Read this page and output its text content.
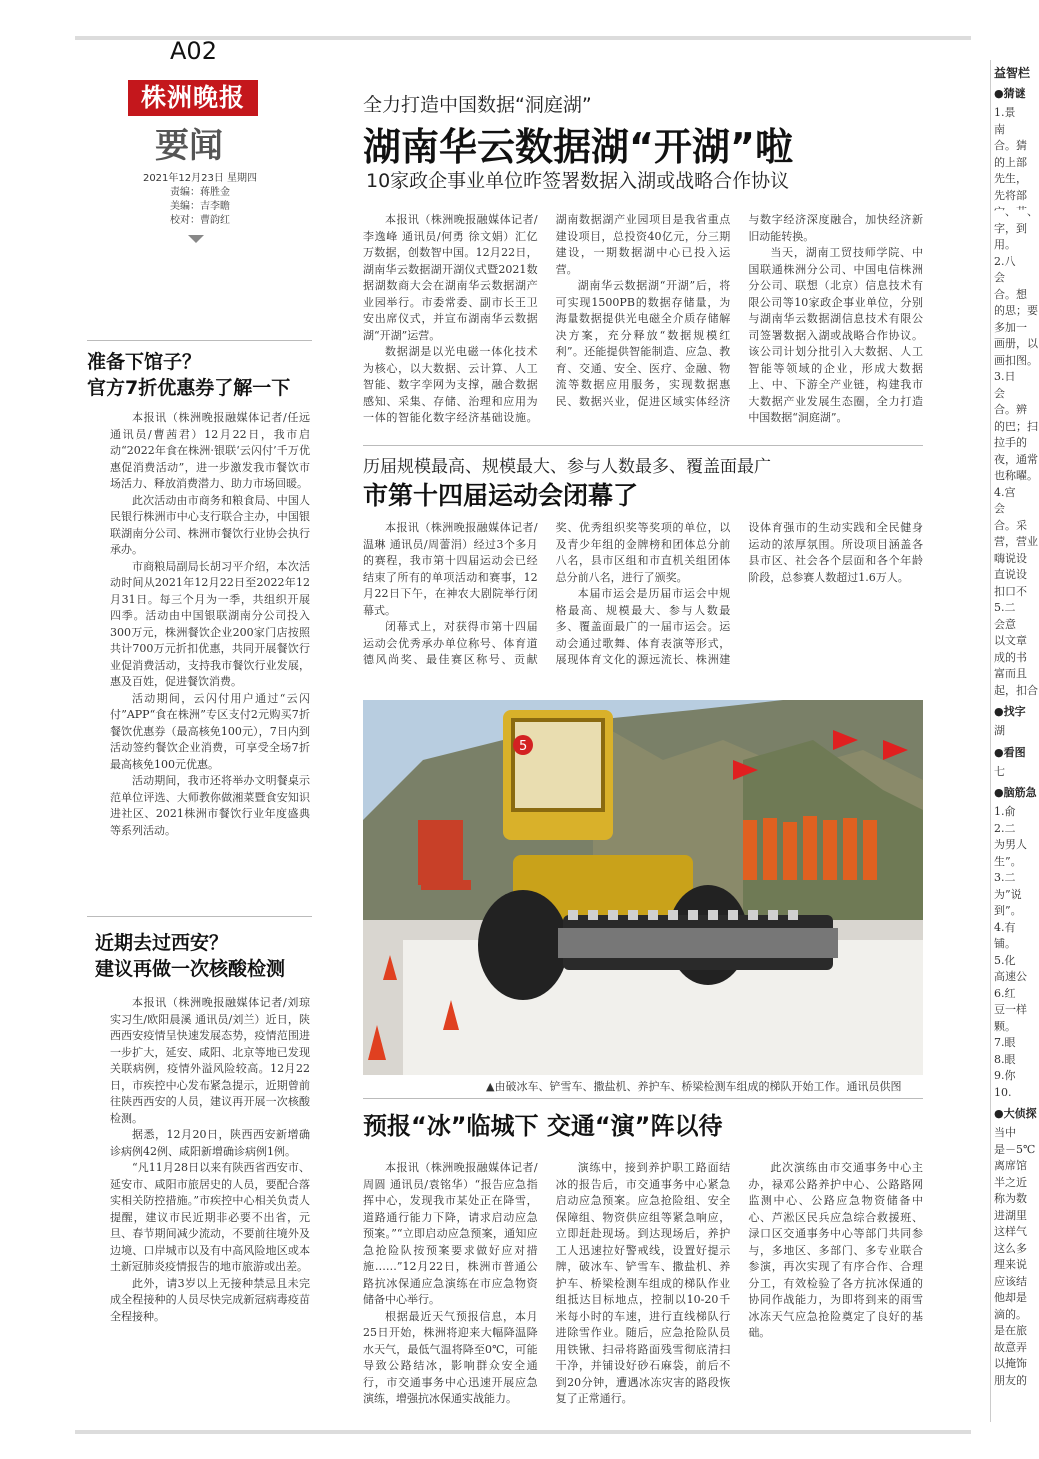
A02
株洲晚报
要闻
2021年12月23日 星期四
责编：蒋胜金
美编：吉李瞻
校对：曹韵红
准备下馆子？
官方7折优惠券了解一下

本报讯（株洲晚报融媒体记者/任远 通讯员/曹茜君）12月22日，我市启动“2022年食在株洲·银联‘云闪付’千万优惠促消费活动”，进一步激发我市餐饮市场活力、释放消费潜力、助力市场回暖。

此次活动由市商务和粮食局、中国人民银行株洲市中心支行联合主办，中国银联湖南分公司、株洲市餐饮行业协会执行承办。

市商粮局副局长胡习平介绍，本次活动时间从2021年12月22日至2022年12月31日。每三个月为一季，共组织开展四季。活动由中国银联湖南分公司投入300万元，株洲餐饮企业200家门店按照共计700万元折扣优惠，共同开展餐饮行业促消费活动，支持我市餐饮行业发展，惠及百姓，促进餐饮消费。

活动期间，云闪付用户通过“云闪付”APP“食在株洲”专区支付2元购买7折餐饮优惠券（最高核免100元），7日内到活动签约餐饮企业消费，可享受全场7折最高核免100元优惠。

活动期间，我市还将举办文明餐桌示范单位评选、大师教你做湘菜暨食安知识进社区、2021株洲市餐饮行业年度盛典等系列活动。

近期去过西安？
建议再做一次核酸检测

本报讯（株洲晚报融媒体记者/刘琼 实习生/欧阳晨溪 通讯员/刘兰）近日，陕西西安疫情呈快速发展态势，疫情范围进一步扩大，延安、咸阳、北京等地已发现关联病例，疫情外溢风险较高。12月22日，市疾控中心发布紧急提示，近期曾前往陕西西安的人员，建议再开展一次核酸检测。

据悉，12月20日，陕西西安新增确诊病例42例、咸阳新增确诊病例1例。

“凡11月28日以来有陕西省西安市、延安市、咸阳市旅居史的人员，要配合落实相关防控措施。”市疾控中心相关负责人提醒，建议市民近期非必要不出省，元旦、春节期间减少流动，不要前往境外及边境、口岸城市以及有中高风险地区或本土新冠肺炎疫情报告的地市旅游或出差。

此外，请3岁以上无接种禁忌且未完成全程接种的人员尽快完成新冠病毒疫苗全程接种。

全力打造中国数据“洞庭湖”
湖南华云数据湖“开湖”啦
10家政企事业单位昨签署数据入湖或战略合作协议

本报讯（株洲晚报融媒体记者/李逸峰 通讯员/何勇 徐文娟）汇亿万数据，创数智中国。12月22日，湖南华云数据湖开湖仪式暨2021数据湖数商大会在湖南华云数据湖产业园举行。市委常委、副市长王卫安出席仪式，并宣布湖南华云数据湖“开湖”运营。

数据湖是以光电磁一体化技术为核心，以大数据、云计算、人工智能、数字孪网为支撑，融合数据感知、采集、存储、治理和应用为一体的智能化数字经济基础设施。湖南数据湖产业园项目是我省重点建设项目，总投资40亿元，分三期建设，一期数据湖中心已投入运营。

湖南华云数据湖“开湖”后，将可实现1500PB的数据存储量，为海量数据提供光电磁全介质存储解决方案，充分释放“数据规模红利”。还能提供智能制造、应急、教育、交通、安全、医疗、金融、物流等数据应用服务，实现数据惠民、数据兴业，促进区域实体经济与数字经济深度融合，加快经济新旧动能转换。

当天，湖南工贸技师学院、中国联通株洲分公司、中国电信株洲分公司、联想（北京）信息技术有限公司等10家政企事业单位，分别与湖南华云数据湖信息技术有限公司签署数据入湖或战略合作协议。该公司计划分批引入大数据、人工智能等领域的企业，形成大数据上、中、下游全产业链，构建我市大数据产业发展生态圈，全力打造中国数据“洞庭湖”。

历届规模最高、规模最大、参与人数最多、覆盖面最广
市第十四届运动会闭幕了

本报讯（株洲晚报融媒体记者/温琳 通讯员/周蕾涓）经过3个多月的赛程，我市第十四届运动会已经结束了所有的单项活动和赛事，12月22日下午，在神农大剧院举行闭幕式。

闭幕式上，对获得市第十四届运动会优秀承办单位称号、体育道德风尚奖、最佳赛区称号、贡献奖、优秀组织奖等奖项的单位，以及青少年组的金牌榜和团体总分前八名，县市区组和市直机关组团体总分前八名，进行了颁奖。

本届市运会是历届市运会中规格最高、规模最大、参与人数最多、覆盖面最广的一届市运会。运动会通过歌舞、体育表演等形式，展现体育文化的源远流长、株洲建设体育强市的生动实践和全民健身运动的浓厚氛围。所设项目涵盖各县市区、社会各个层面和各个年龄阶段，总参赛人数超过1.6万人。

5
▲由破冰车、铲雪车、撒盐机、养护车、桥梁检测车组成的梯队开始工作。通讯员供图
预报“冰”临城下 交通“演”阵以待

本报讯（株洲晚报融媒体记者/周圆 通讯员/袁铭华）“报告应急指挥中心，发现我市某处正在降雪，道路通行能力下降，请求启动应急预案。”“立即启动应急预案，通知应急抢险队按预案要求做好应对措施……”12月22日，株洲市普通公路抗冰保通应急演练在市应急物资储备中心举行。

根据最近天气预报信息，本月25日开始，株洲将迎来大幅降温降水天气，最低气温将降至0℃，可能导致公路结冰，影响群众安全通行，市交通事务中心迅速开展应急演练，增强抗冰保通实战能力。

演练中，接到养护职工路面结冰的报告后，市交通事务中心紧急启动应急预案。应急抢险组、安全保障组、物资供应组等紧急响应，立即赶赴现场。到达现场后，养护工人迅速拉好警戒线，设置好提示牌，破冰车、铲雪车、撒盐机、养护车、桥梁检测车组成的梯队作业组抵达目标地点，控制以10-20千米每小时的车速，进行直线梯队行进除雪作业。随后，应急抢险队员用铁锹、扫帚将路面残雪彻底清扫干净，并铺设好砂石麻袋，前后不到20分钟，遭遇冰冻灾害的路段恢复了正常通行。

此次演练由市交通事务中心主办，禄邓公路养护中心、公路路网监测中心、公路应急物资储备中心、芦淞区民兵应急综合救援班、渌口区交通事务中心等部门共同参与，多地区、多部门、多专业联合参演，再次实现了有序合作、合理分工，有效检验了各方抗冰保通的协同作战能力，为即将到来的雨雪冰冻天气应急抢险奠定了良好的基础。

益智栏
●猜谜
1.景
南
合。猜
的上部
先生，
先将部
宀、艹、
字，到
用。
2.八
会
合。想
的思；要
多加一
画册，以
画扣图。
3.日
会
合。辨
的巴；扫
拉手的
夜，通常
也称曜。
4.宫
会
合。采
营，营业
嗨说设
直说设
扣口不
5.二
会意
以文章
成的书
富而且
起，扣合
●找字
湖
●看图
七
●脑筋急
1.俞
2.二
为男人
生”。
3.二
为”说
到”。
4.有
铺。
5.化
高速公
6.红
豆一样
颗。
7.眼
8.眼
9.你
10.
●大侦探
当中
是－5℃
离席馆
半之近
称为数
进湖里
这样气
这么多
理来说
应该结
他却是
滴的。
是在旅
故意弄
以掩饰
朋友的
